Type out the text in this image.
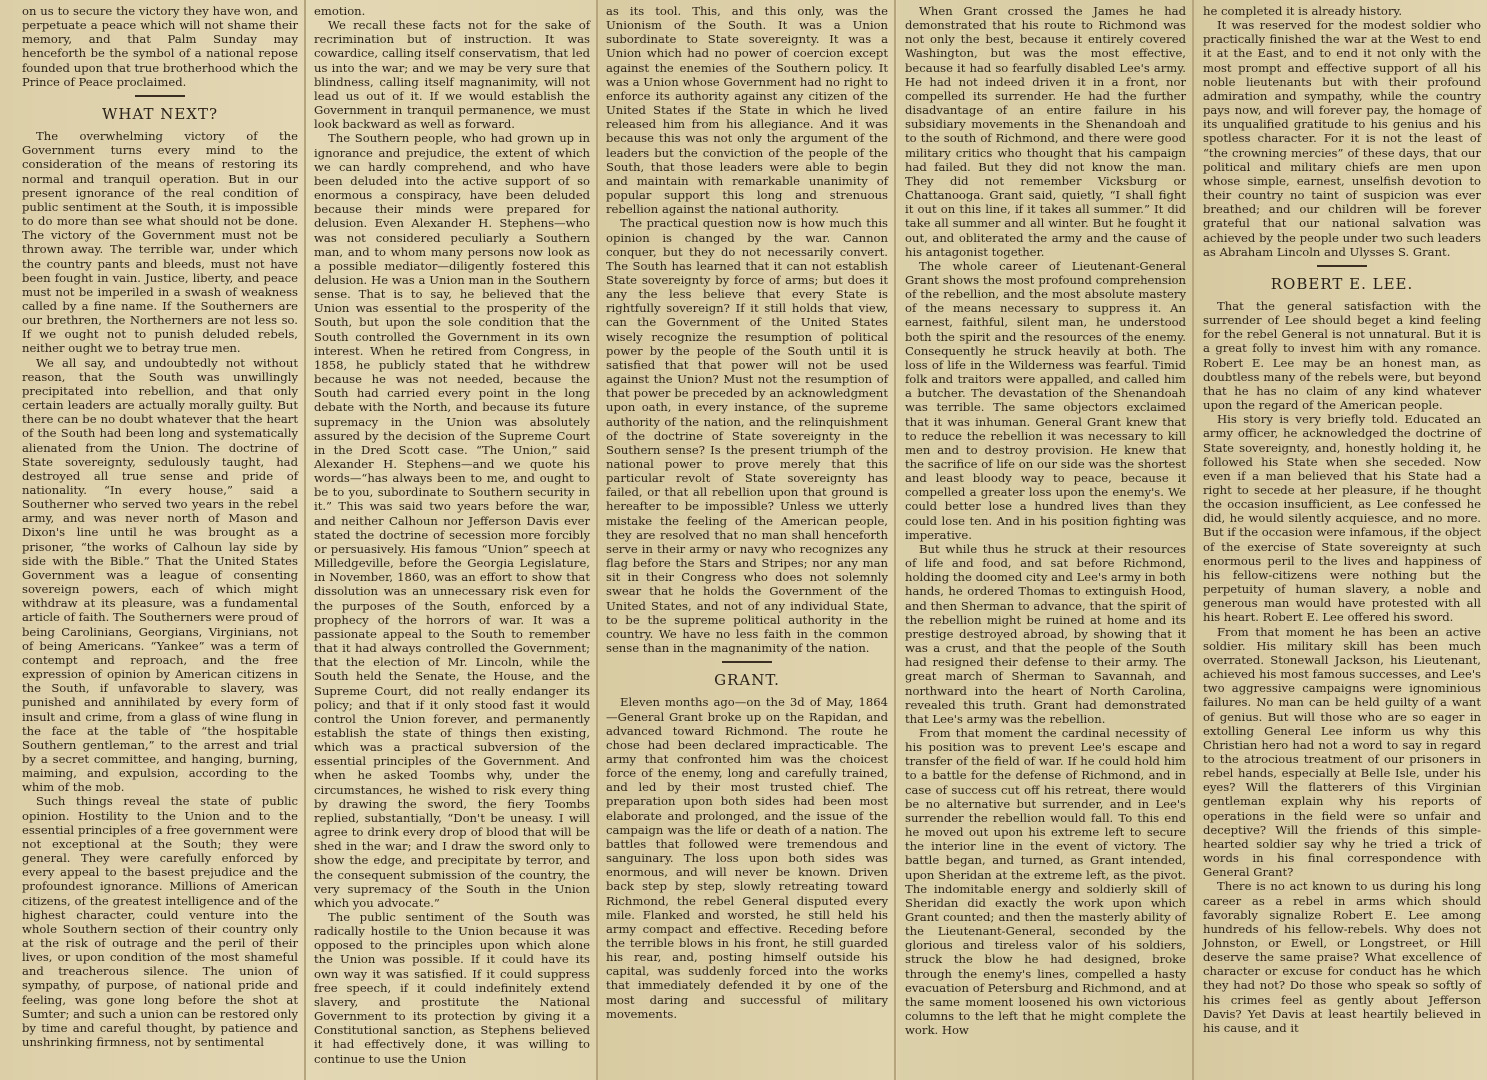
on us to secure the victory they have won, and perpetuate a peace which will not shame their memory, and that Palm Sunday may henceforth be the symbol of a national repose founded upon that true brotherhood which the Prince of Peace proclaimed.

WHAT NEXT?

The overwhelming victory of the Government turns every mind to the consideration of the means of restoring its normal and tranquil operation. But in our present ignorance of the real condition of public sentiment at the South, it is impossible to do more than see what should not be done. The victory of the Government must not be thrown away. The terrible war, under which the country pants and bleeds, must not have been fought in vain. Justice, liberty, and peace must not be imperiled in a swash of weakness called by a fine name. If the Southerners are our brethren, the Northerners are not less so. If we ought not to punish deluded rebels, neither ought we to betray true men.

We all say, and undoubtedly not without reason, that the South was unwillingly precipitated into rebellion, and that only certain leaders are actually morally guilty. But there can be no doubt whatever that the heart of the South had been long and systematically alienated from the Union. The doctrine of State sovereignty, sedulously taught, had destroyed all true sense and pride of nationality. “In every house,” said a Southerner who served two years in the rebel army, and was never north of Mason and Dixon's line until he was brought as a prisoner, “the works of Calhoun lay side by side with the Bible.” That the United States Government was a league of consenting sovereign powers, each of which might withdraw at its pleasure, was a fundamental article of faith. The Southerners were proud of being Carolinians, Georgians, Virginians, not of being Americans. “Yankee” was a term of contempt and reproach, and the free expression of opinion by American citizens in the South, if unfavorable to slavery, was punished and annihilated by every form of insult and crime, from a glass of wine flung in the face at the table of “the hospitable Southern gentleman,” to the arrest and trial by a secret committee, and hanging, burning, maiming, and expulsion, according to the whim of the mob.

Such things reveal the state of public opinion. Hostility to the Union and to the essential principles of a free government were not exceptional at the South; they were general. They were carefully enforced by every appeal to the basest prejudice and the profoundest ignorance. Millions of American citizens, of the greatest intelligence and of the highest character, could venture into the whole Southern section of their country only at the risk of outrage and the peril of their lives, or upon condition of the most shameful and treacherous silence. The union of sympathy, of purpose, of national pride and feeling, was gone long before the shot at Sumter; and such a union can be restored only by time and careful thought, by patience and unshrinking firmness, not by sentimental

emotion.

We recall these facts not for the sake of recrimination but of instruction. It was cowardice, calling itself conservatism, that led us into the war; and we may be very sure that blindness, calling itself magnanimity, will not lead us out of it. If we would establish the Government in tranquil permanence, we must look backward as well as forward.

The Southern people, who had grown up in ignorance and prejudice, the extent of which we can hardly comprehend, and who have been deluded into the active support of so enormous a conspiracy, have been deluded because their minds were prepared for delusion. Even Alexander H. Stephens—who was not considered peculiarly a Southern man, and to whom many persons now look as a possible mediator—diligently fostered this delusion. He was a Union man in the Southern sense. That is to say, he believed that the Union was essential to the prosperity of the South, but upon the sole condition that the South controlled the Government in its own interest. When he retired from Congress, in 1858, he publicly stated that he withdrew because he was not needed, because the South had carried every point in the long debate with the North, and because its future supremacy in the Union was absolutely assured by the decision of the Supreme Court in the Dred Scott case. “The Union,” said Alexander H. Stephens—and we quote his words—“has always been to me, and ought to be to you, subordinate to Southern security in it.” This was said two years before the war, and neither Calhoun nor Jefferson Davis ever stated the doctrine of secession more forcibly or persuasively. His famous “Union” speech at Milledgeville, before the Georgia Legislature, in November, 1860, was an effort to show that dissolution was an unnecessary risk even for the purposes of the South, enforced by a prophecy of the horrors of war. It was a passionate appeal to the South to remember that it had always controlled the Government; that the election of Mr. Lincoln, while the South held the Senate, the House, and the Supreme Court, did not really endanger its policy; and that if it only stood fast it would control the Union forever, and permanently establish the state of things then existing, which was a practical subversion of the essential principles of the Government. And when he asked Toombs why, under the circumstances, he wished to risk every thing by drawing the sword, the fiery Toombs replied, substantially, “Don't be uneasy. I will agree to drink every drop of blood that will be shed in the war; and I draw the sword only to show the edge, and precipitate by terror, and the consequent submission of the country, the very supremacy of the South in the Union which you advocate.”

The public sentiment of the South was radically hostile to the Union because it was opposed to the principles upon which alone the Union was possible. If it could have its own way it was satisfied. If it could suppress free speech, if it could indefinitely extend slavery, and prostitute the National Government to its protection by giving it a Constitutional sanction, as Stephens believed it had effectively done, it was willing to continue to use the Union

as its tool. This, and this only, was the Unionism of the South. It was a Union subordinate to State sovereignty. It was a Union which had no power of coercion except against the enemies of the Southern policy. It was a Union whose Government had no right to enforce its authority against any citizen of the United States if the State in which he lived released him from his allegiance. And it was because this was not only the argument of the leaders but the conviction of the people of the South, that those leaders were able to begin and maintain with remarkable unanimity of popular support this long and strenuous rebellion against the national authority.

The practical question now is how much this opinion is changed by the war. Cannon conquer, but they do not necessarily convert. The South has learned that it can not establish State sovereignty by force of arms; but does it any the less believe that every State is rightfully sovereign? If it still holds that view, can the Government of the United States wisely recognize the resumption of political power by the people of the South until it is satisfied that that power will not be used against the Union? Must not the resumption of that power be preceded by an acknowledgment upon oath, in every instance, of the supreme authority of the nation, and the relinquishment of the doctrine of State sovereignty in the Southern sense? Is the present triumph of the national power to prove merely that this particular revolt of State sovereignty has failed, or that all rebellion upon that ground is hereafter to be impossible? Unless we utterly mistake the feeling of the American people, they are resolved that no man shall henceforth serve in their army or navy who recognizes any flag before the Stars and Stripes; nor any man sit in their Congress who does not solemnly swear that he holds the Government of the United States, and not of any individual State, to be the supreme political authority in the country. We have no less faith in the common sense than in the magnanimity of the nation.

GRANT.

Eleven months ago—on the 3d of May, 1864—General Grant broke up on the Rapidan, and advanced toward Richmond. The route he chose had been declared impracticable. The army that confronted him was the choicest force of the enemy, long and carefully trained, and led by their most trusted chief. The preparation upon both sides had been most elaborate and prolonged, and the issue of the campaign was the life or death of a nation. The battles that followed were tremendous and sanguinary. The loss upon both sides was enormous, and will never be known. Driven back step by step, slowly retreating toward Richmond, the rebel General disputed every mile. Flanked and worsted, he still held his army compact and effective. Receding before the terrible blows in his front, he still guarded his rear, and, posting himself outside his capital, was suddenly forced into the works that immediately defended it by one of the most daring and successful of military movements.

When Grant crossed the James he had demonstrated that his route to Richmond was not only the best, because it entirely covered Washington, but was the most effective, because it had so fearfully disabled Lee's army. He had not indeed driven it in a front, nor compelled its surrender. He had the further disadvantage of an entire failure in his subsidiary movements in the Shenandoah and to the south of Richmond, and there were good military critics who thought that his campaign had failed. But they did not know the man. They did not remember Vicksburg or Chattanooga. Grant said, quietly, “I shall fight it out on this line, if it takes all summer.” It did take all summer and all winter. But he fought it out, and obliterated the army and the cause of his antagonist together.

The whole career of Lieutenant-General Grant shows the most profound comprehension of the rebellion, and the most absolute mastery of the means necessary to suppress it. An earnest, faithful, silent man, he understood both the spirit and the resources of the enemy. Consequently he struck heavily at both. The loss of life in the Wilderness was fearful. Timid folk and traitors were appalled, and called him a butcher. The devastation of the Shenandoah was terrible. The same objectors exclaimed that it was inhuman. General Grant knew that to reduce the rebellion it was necessary to kill men and to destroy provision. He knew that the sacrifice of life on our side was the shortest and least bloody way to peace, because it compelled a greater loss upon the enemy's. We could better lose a hundred lives than they could lose ten. And in his position fighting was imperative.

But while thus he struck at their resources of life and food, and sat before Richmond, holding the doomed city and Lee's army in both hands, he ordered Thomas to extinguish Hood, and then Sherman to advance, that the spirit of the rebellion might be ruined at home and its prestige destroyed abroad, by showing that it was a crust, and that the people of the South had resigned their defense to their army. The great march of Sherman to Savannah, and northward into the heart of North Carolina, revealed this truth. Grant had demonstrated that Lee's army was the rebellion.

From that moment the cardinal necessity of his position was to prevent Lee's escape and transfer of the field of war. If he could hold him to a battle for the defense of Richmond, and in case of success cut off his retreat, there would be no alternative but surrender, and in Lee's surrender the rebellion would fall. To this end he moved out upon his extreme left to secure the interior line in the event of victory. The battle began, and turned, as Grant intended, upon Sheridan at the extreme left, as the pivot. The indomitable energy and soldierly skill of Sheridan did exactly the work upon which Grant counted; and then the masterly ability of the Lieutenant-General, seconded by the glorious and tireless valor of his soldiers, struck the blow he had designed, broke through the enemy's lines, compelled a hasty evacuation of Petersburg and Richmond, and at the same moment loosened his own victorious columns to the left that he might complete the work. How

he completed it is already history.

It was reserved for the modest soldier who practically finished the war at the West to end it at the East, and to end it not only with the most prompt and effective support of all his noble lieutenants but with their profound admiration and sympathy, while the country pays now, and will forever pay, the homage of its unqualified gratitude to his genius and his spotless character. For it is not the least of “the crowning mercies” of these days, that our political and military chiefs are men upon whose simple, earnest, unselfish devotion to their country no taint of suspicion was ever breathed; and our children will be forever grateful that our national salvation was achieved by the people under two such leaders as Abraham Lincoln and Ulysses S. Grant.

ROBERT E. LEE.

That the general satisfaction with the surrender of Lee should beget a kind feeling for the rebel General is not unnatural. But it is a great folly to invest him with any romance. Robert E. Lee may be an honest man, as doubtless many of the rebels were, but beyond that he has no claim of any kind whatever upon the regard of the American people.

His story is very briefly told. Educated an army officer, he acknowledged the doctrine of State sovereignty, and, honestly holding it, he followed his State when she seceded. Now even if a man believed that his State had a right to secede at her pleasure, if he thought the occasion insufficient, as Lee confessed he did, he would silently acquiesce, and no more. But if the occasion were infamous, if the object of the exercise of State sovereignty at such enormous peril to the lives and happiness of his fellow-citizens were nothing but the perpetuity of human slavery, a noble and generous man would have protested with all his heart. Robert E. Lee offered his sword.

From that moment he has been an active soldier. His military skill has been much overrated. Stonewall Jackson, his Lieutenant, achieved his most famous successes, and Lee's two aggressive campaigns were ignominious failures. No man can be held guilty of a want of genius. But will those who are so eager in extolling General Lee inform us why this Christian hero had not a word to say in regard to the atrocious treatment of our prisoners in rebel hands, especially at Belle Isle, under his eyes? Will the flatterers of this Virginian gentleman explain why his reports of operations in the field were so unfair and deceptive? Will the friends of this simple-hearted soldier say why he tried a trick of words in his final correspondence with General Grant?

There is no act known to us during his long career as a rebel in arms which should favorably signalize Robert E. Lee among hundreds of his fellow-rebels. Why does not Johnston, or Ewell, or Longstreet, or Hill deserve the same praise? What excellence of character or excuse for conduct has he which they had not? Do those who speak so softly of his crimes feel as gently about Jefferson Davis? Yet Davis at least heartily believed in his cause, and it
